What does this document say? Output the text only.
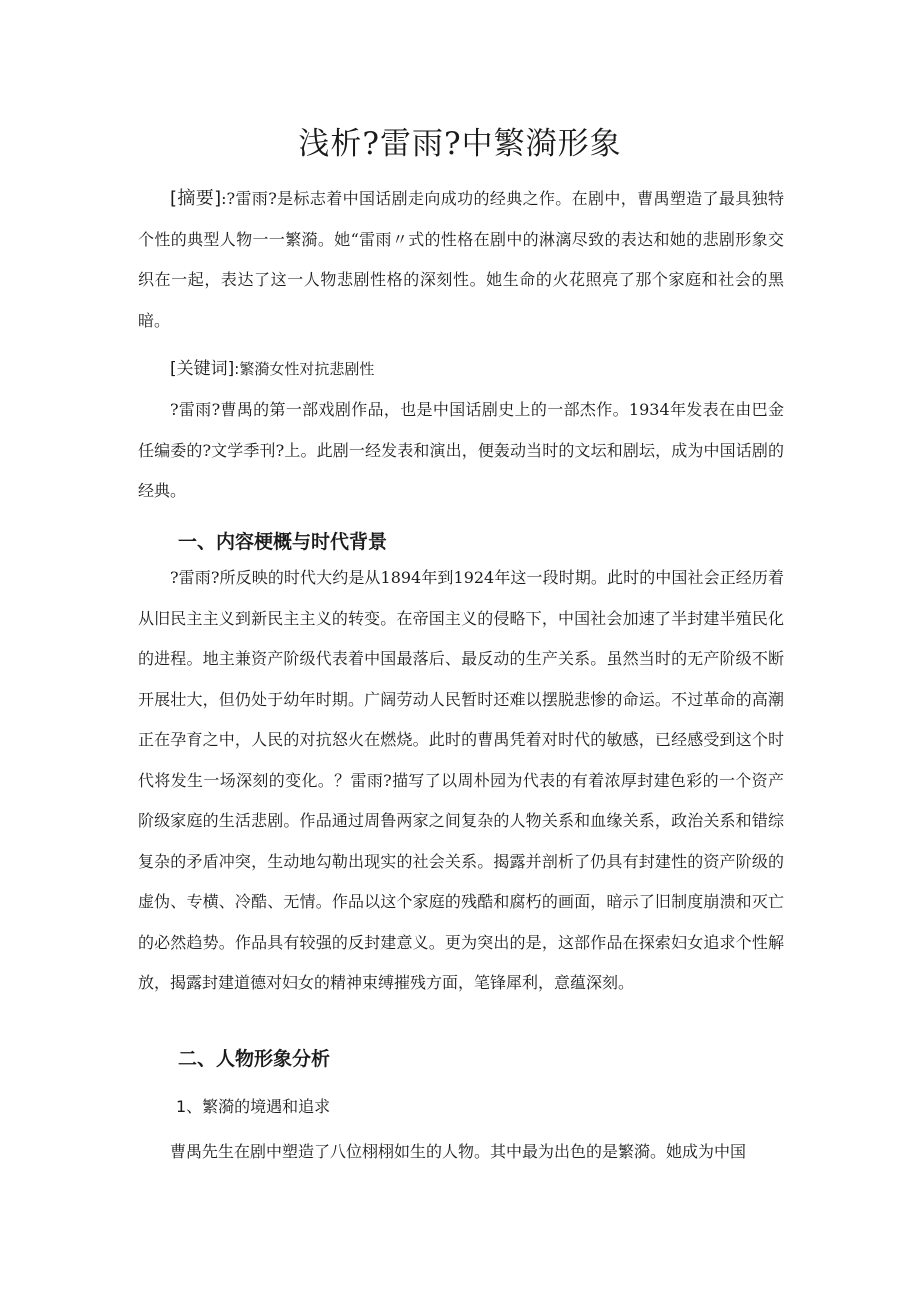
浅析?雷雨?中繁漪形象

[摘要]:?雷雨?是标志着中国话剧走向成功的经典之作。在剧中，曹禺塑造了最具独特个性的典型人物一一繁漪。她“雷雨〃式的性格在剧中的淋漓尽致的表达和她的悲剧形象交织在一起，表达了这一人物悲剧性格的深刻性。她生命的火花照亮了那个家庭和社会的黑暗。

[关键词]:繁漪女性对抗悲剧性

?雷雨?曹禺的第一部戏剧作品，也是中国话剧史上的一部杰作。1934年发表在由巴金任编委的?文学季刊?上。此剧一经发表和演出，便轰动当时的文坛和剧坛，成为中国话剧的经典。

一、内容梗概与时代背景

?雷雨?所反映的时代大约是从1894年到1924年这一段时期。此时的中国社会正经历着从旧民主主义到新民主主义的转变。在帝国主义的侵略下，中国社会加速了半封建半殖民化的进程。地主兼资产阶级代表着中国最落后、最反动的生产关系。虽然当时的无产阶级不断开展壮大，但仍处于幼年时期。广阔劳动人民暂时还难以摆脱悲惨的命运。不过革命的高潮正在孕育之中，人民的对抗怒火在燃烧。此时的曹禺凭着对时代的敏感，已经感受到这个时代将发生一场深刻的变化。？雷雨?描写了以周朴园为代表的有着浓厚封建色彩的一个资产阶级家庭的生活悲剧。作品通过周鲁两家之间复杂的人物关系和血缘关系，政治关系和错综复杂的矛盾冲突，生动地勾勒出现实的社会关系。揭露并剖析了仍具有封建性的资产阶级的虚伪、专横、冷酷、无情。作品以这个家庭的残酷和腐朽的画面，暗示了旧制度崩溃和灭亡的必然趋势。作品具有较强的反封建意义。更为突出的是，这部作品在探索妇女追求个性解放，揭露封建道德对妇女的精神束缚摧残方面，笔锋犀利，意蕴深刻。

二、人物形象分析

1、繁漪的境遇和追求

曹禺先生在剧中塑造了八位栩栩如生的人物。其中最为出色的是繁漪。她成为中国
